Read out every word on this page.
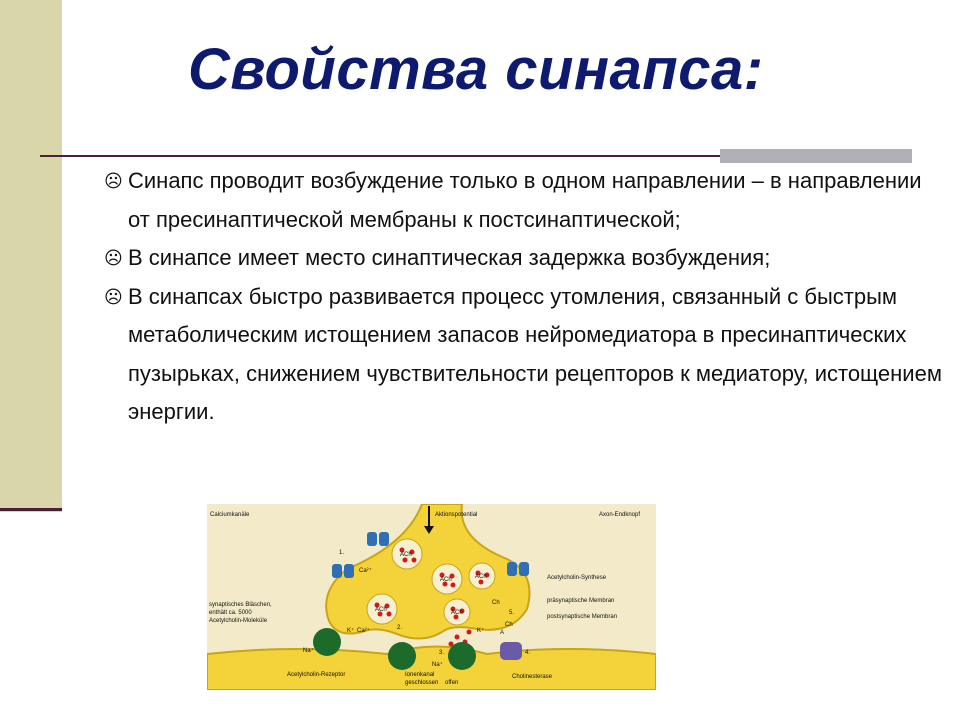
Свойства синапса:
☹ Синапс проводит возбуждение только в одном направлении – в направлении от пресинаптической мембраны к постсинаптической;
☹ В синапсе имеет место синаптическая задержка возбуждения;
☹ В синапсах быстро развивается процесс утомления, связанный с быстрым метаболическим истощением запасов нейромедиатора в пресинаптических пузырьках, снижением чувствительности рецепторов к медиатору, истощением энергии.
Calciumkanäle	Aktionspotential	Axon-Endknopf
Acetylcholin-Synthese
präsynaptische Membran
postsynaptische Membran
synaptisches Bläschen,
enthält ca. 5000
Acetylcholin-Moleküle
Acetylcholin-Rezeptor	Ionenkanal
geschlossen offen
Cholinesterase
ACh
ACh	ACh
ACh	ACh
Ca²⁺
Ca²⁺
Na⁺
Na⁺
K⁺	K⁺
Ch
Ch
A
1.
2.
3.	4.
5.
